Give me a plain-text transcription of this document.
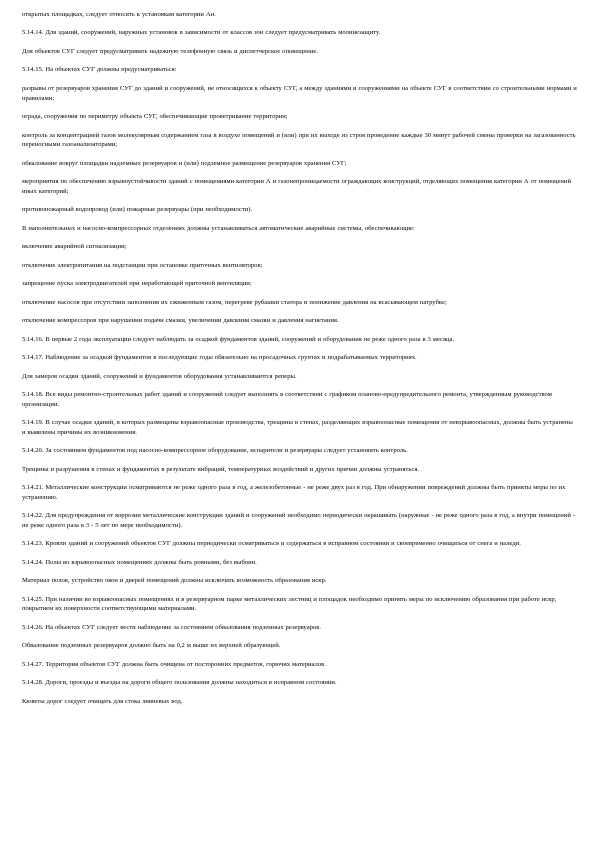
открытых площадках, следует относить к установкам категории Ан.

5.14.14. Для зданий, сооружений, наружных установок в зависимости от классов зон следует предусматривать молниезащиту.

Для объектов СУГ следует предусматривать надежную телефонную связь и диспетчерское оповещение.

5.14.15. На объектах СУГ должны предусматриваться:

разрывы от резервуаров хранения СУГ до зданий и сооружений, не относящихся к объекту СУГ, а между зданиями и сооружениями на объекте СУГ в соответствии со строительными нормами и правилами;

ограда, сооружения по периметру объекта СУГ, обеспечивающие проветривание территории;

контроль за концентрацией газов молекулярным содержанием газа в воздухе помещений и (или) при их выходе из строя проведение каждые 30 минут рабочей смены проверки на загазованность переносными газоанализаторами;

обвалование вокруг площадки надземных резервуаров и (или) подземное размещение резервуаров хранения СУГ;

мероприятия по обеспечению взрывоустойчивости зданий с помещениями категории А и газонепроницаемости ограждающих конструкций, отделяющих помещения категории А от помещений иных категорий;

противопожарный водопровод (или) пожарные резервуары (при необходимости).

В наполнительных и насосно-компрессорных отделениях должны устанавливаться автоматические аварийные системы, обеспечивающие:

включение аварийной сигнализации;

отключение электропитания на подстанции при остановке приточных вентиляторов;

запрещение пуска электродвигателей при неработающей приточной вентиляции;

отключение насосов при отсутствии заполнения их сжиженным газом, перегреве рубашки статора и понижение давления на всасывающем патрубке;

отключение компрессоров при нарушении подачи смазки, увеличении давления смазки и давления нагнетания.

5.14.16. В первые 2 года эксплуатации следует наблюдать за осадкой фундаментов зданий, сооружений и оборудования не реже одного раза в 3 месяца.

5.14.17. Наблюдение за осадкой фундаментов в последующие годы обязательно на просадочных грунтах и подрабатываемых территориях.

Для замеров осадки зданий, сооружений и фундаментов оборудования устанавливаются реперы.

5.14.18. Все виды ремонтно-строительных работ зданий и сооружений следует выполнять в соответствии с графиком планово-предупредительного ремонта, утвержденным руководством организации.

5.14.19. В случае осадки зданий, в которых размещены взрывоопасные производства, трещины в стенах, разделяющих взрывоопасные помещения от невзрывоопасных, должны быть устранены и выявлены причины их возникновения.

5.14.20. За состоянием фундаментов под насосно-компрессорное оборудование, испарители и резервуары следует установить контроль.

Трещины и разрушения в стенах и фундаментах в результате вибраций, температурных воздействий и других причин должны устраняться.

5.14.21. Металлические конструкции осматриваются не реже одного раза в год, а железобетонные - не реже двух раз в год. При обнаружении повреждений должны быть приняты меры по их устранению.

5.14.22. Для предупреждения от коррозии металлические конструкции зданий и сооружений необходимо периодически окрашивать (наружные - не реже одного раза в год, а внутри помещений - не реже одного раза в 3 - 5 лет по мере необходимости).

5.14.23. Кровли зданий и сооружений объектов СУГ должны периодически осматриваться и содержаться в исправном состоянии и своевременно очищаться от снега и наледи.

5.14.24. Полы во взрывоопасных помещениях должны быть ровными, без выбоин.

Материал полов, устройство окон и дверей помещений должны исключать возможность образования искр.

5.14.25. При наличии во взрывоопасных помещениях и в резервуарном парке металлических лестниц и площадок необходимо принять меры по исключению образования при работе искр, покрытием их поверхности соответствующими материалами.

5.14.26. На объектах СУГ следует вести наблюдение за состоянием обвалования подземных резервуаров.

Обвалование подземных резервуаров должно быть на 0,2 м выше их верхней образующей.

5.14.27. Территория объектов СУГ должна быть очищена от посторонних предметов, горючих материалов.

5.14.28. Дороги, проезды и въезды на дороги общего пользования должны находиться в исправном состоянии.

Кюветы дорог следует очищать для стока ливневых вод.
